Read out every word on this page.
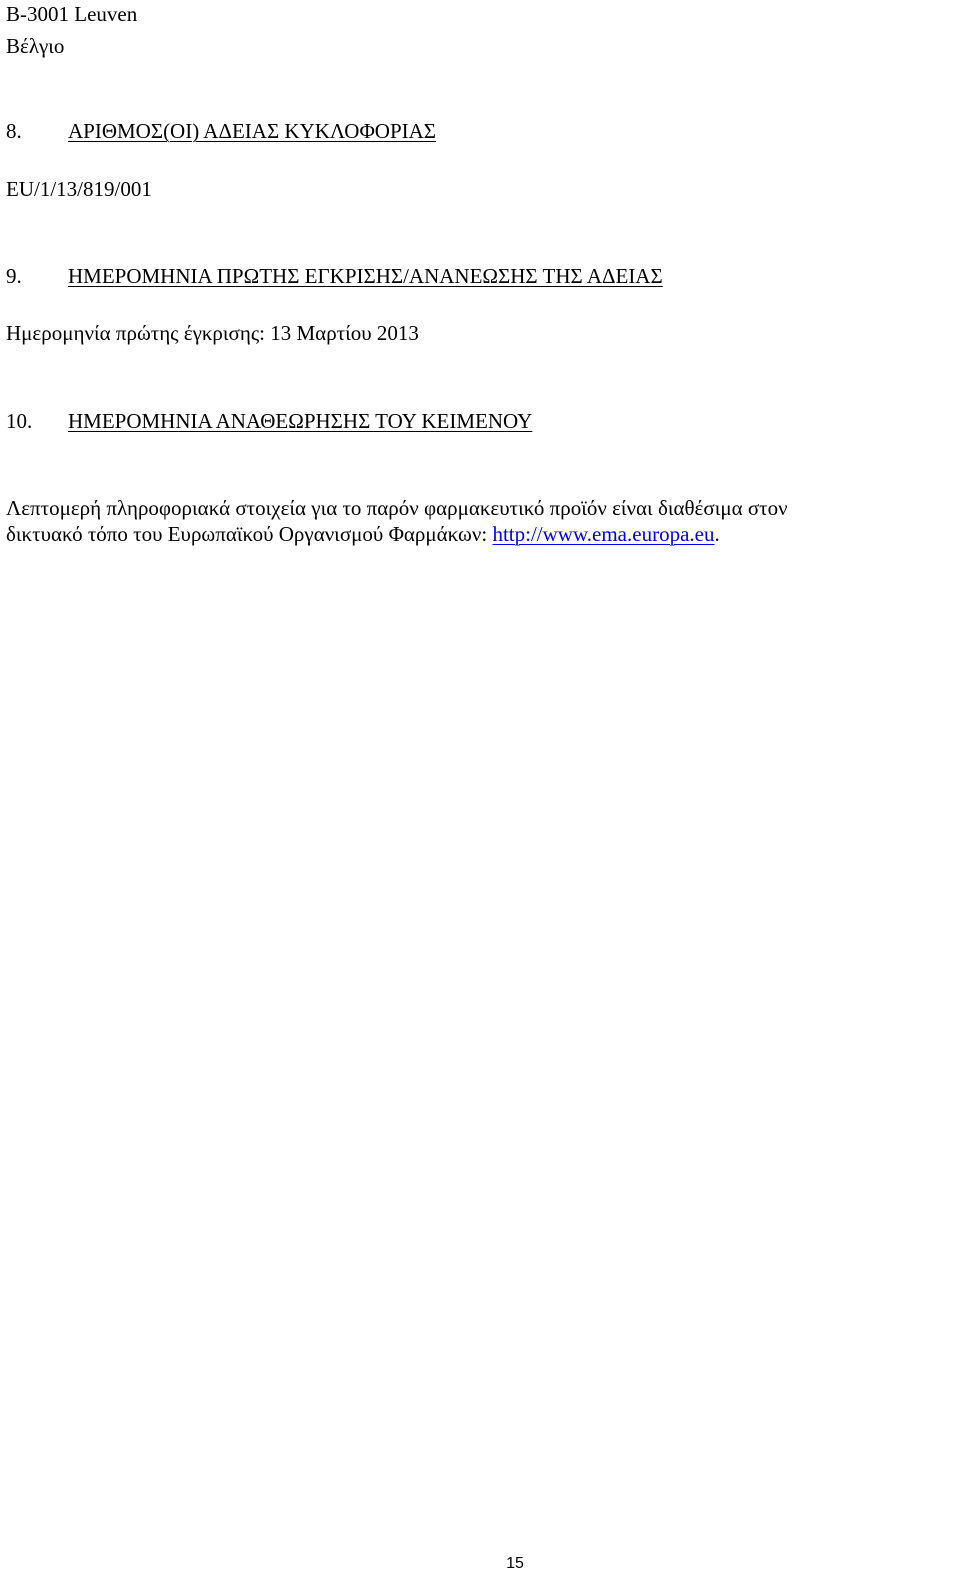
B-3001 Leuven
Βέλγιο
8. ΑΡΙΘΜΟΣ(ΟΙ) ΑΔΕΙΑΣ ΚΥΚΛΟΦΟΡΙΑΣ
EU/1/13/819/001
9. ΗΜΕΡΟΜΗΝΙΑ ΠΡΩΤΗΣ ΕΓΚΡΙΣΗΣ/ΑΝΑΝΕΩΣΗΣ ΤΗΣ ΑΔΕΙΑΣ
Ημερομηνία πρώτης έγκρισης: 13 Μαρτίου 2013
10. ΗΜΕΡΟΜΗΝΙΑ ΑΝΑΘΕΩΡΗΣΗΣ ΤΟΥ ΚΕΙΜΕΝΟΥ
Λεπτομερή πληροφοριακά στοιχεία για το παρόν φαρμακευτικό προϊόν είναι διαθέσιμα στον
δικτυακό τόπο του Ευρωπαϊκού Οργανισμού Φαρμάκων: http://www.ema.europa.eu.
15
